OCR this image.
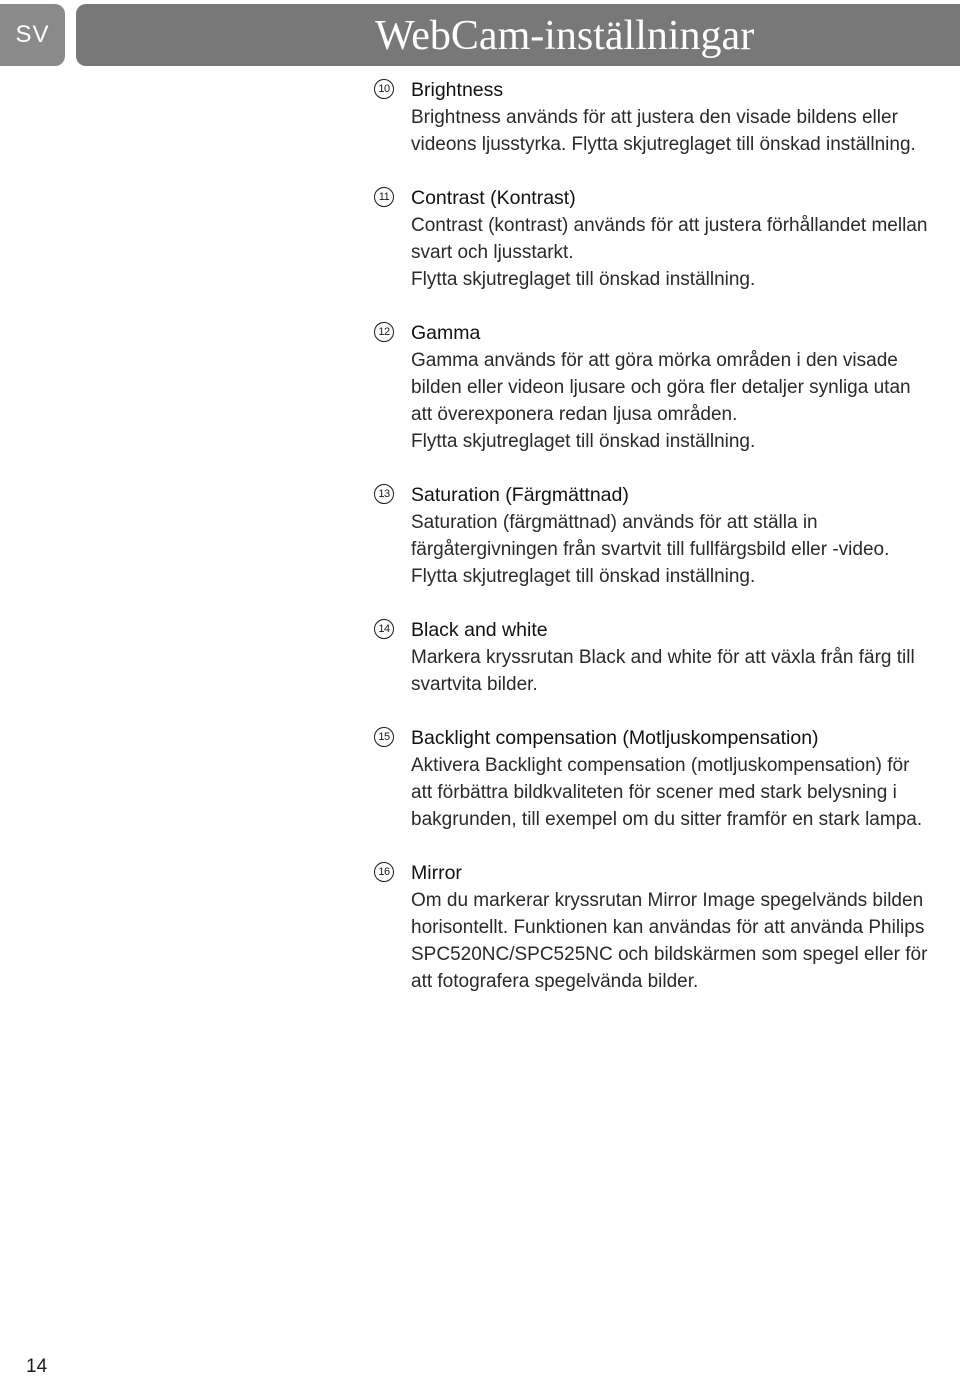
SV	WebCam-inställningar
10 Brightness
Brightness används för att justera den visade bildens eller
videons ljusstyrka. Flytta skjutreglaget till önskad inställning.
11 Contrast (Kontrast)
Contrast (kontrast) används för att justera förhållandet mellan
svart och ljusstarkt.
Flytta skjutreglaget till önskad inställning.
12 Gamma
Gamma används för att göra mörka områden i den visade
bilden eller videon ljusare och göra fler detaljer synliga utan
att överexponera redan ljusa områden.
Flytta skjutreglaget till önskad inställning.
13 Saturation (Färgmättnad)
Saturation (färgmättnad) används för att ställa in
färgåtergivningen från svartvit till fullfärgsbild eller -video.
Flytta skjutreglaget till önskad inställning.
14 Black and white
Markera kryssrutan Black and white för att växla från färg till
svartvita bilder.
15 Backlight compensation (Motljuskompensation)
Aktivera Backlight compensation (motljuskompensation) för
att förbättra bildkvaliteten för scener med stark belysning i
bakgrunden, till exempel om du sitter framför en stark lampa.
16 Mirror
Om du markerar kryssrutan Mirror Image spegelvänds bilden
horisontellt. Funktionen kan användas för att använda Philips
SPC520NC/SPC525NC och bildskärmen som spegel eller för
att fotografera spegelvända bilder.
14
